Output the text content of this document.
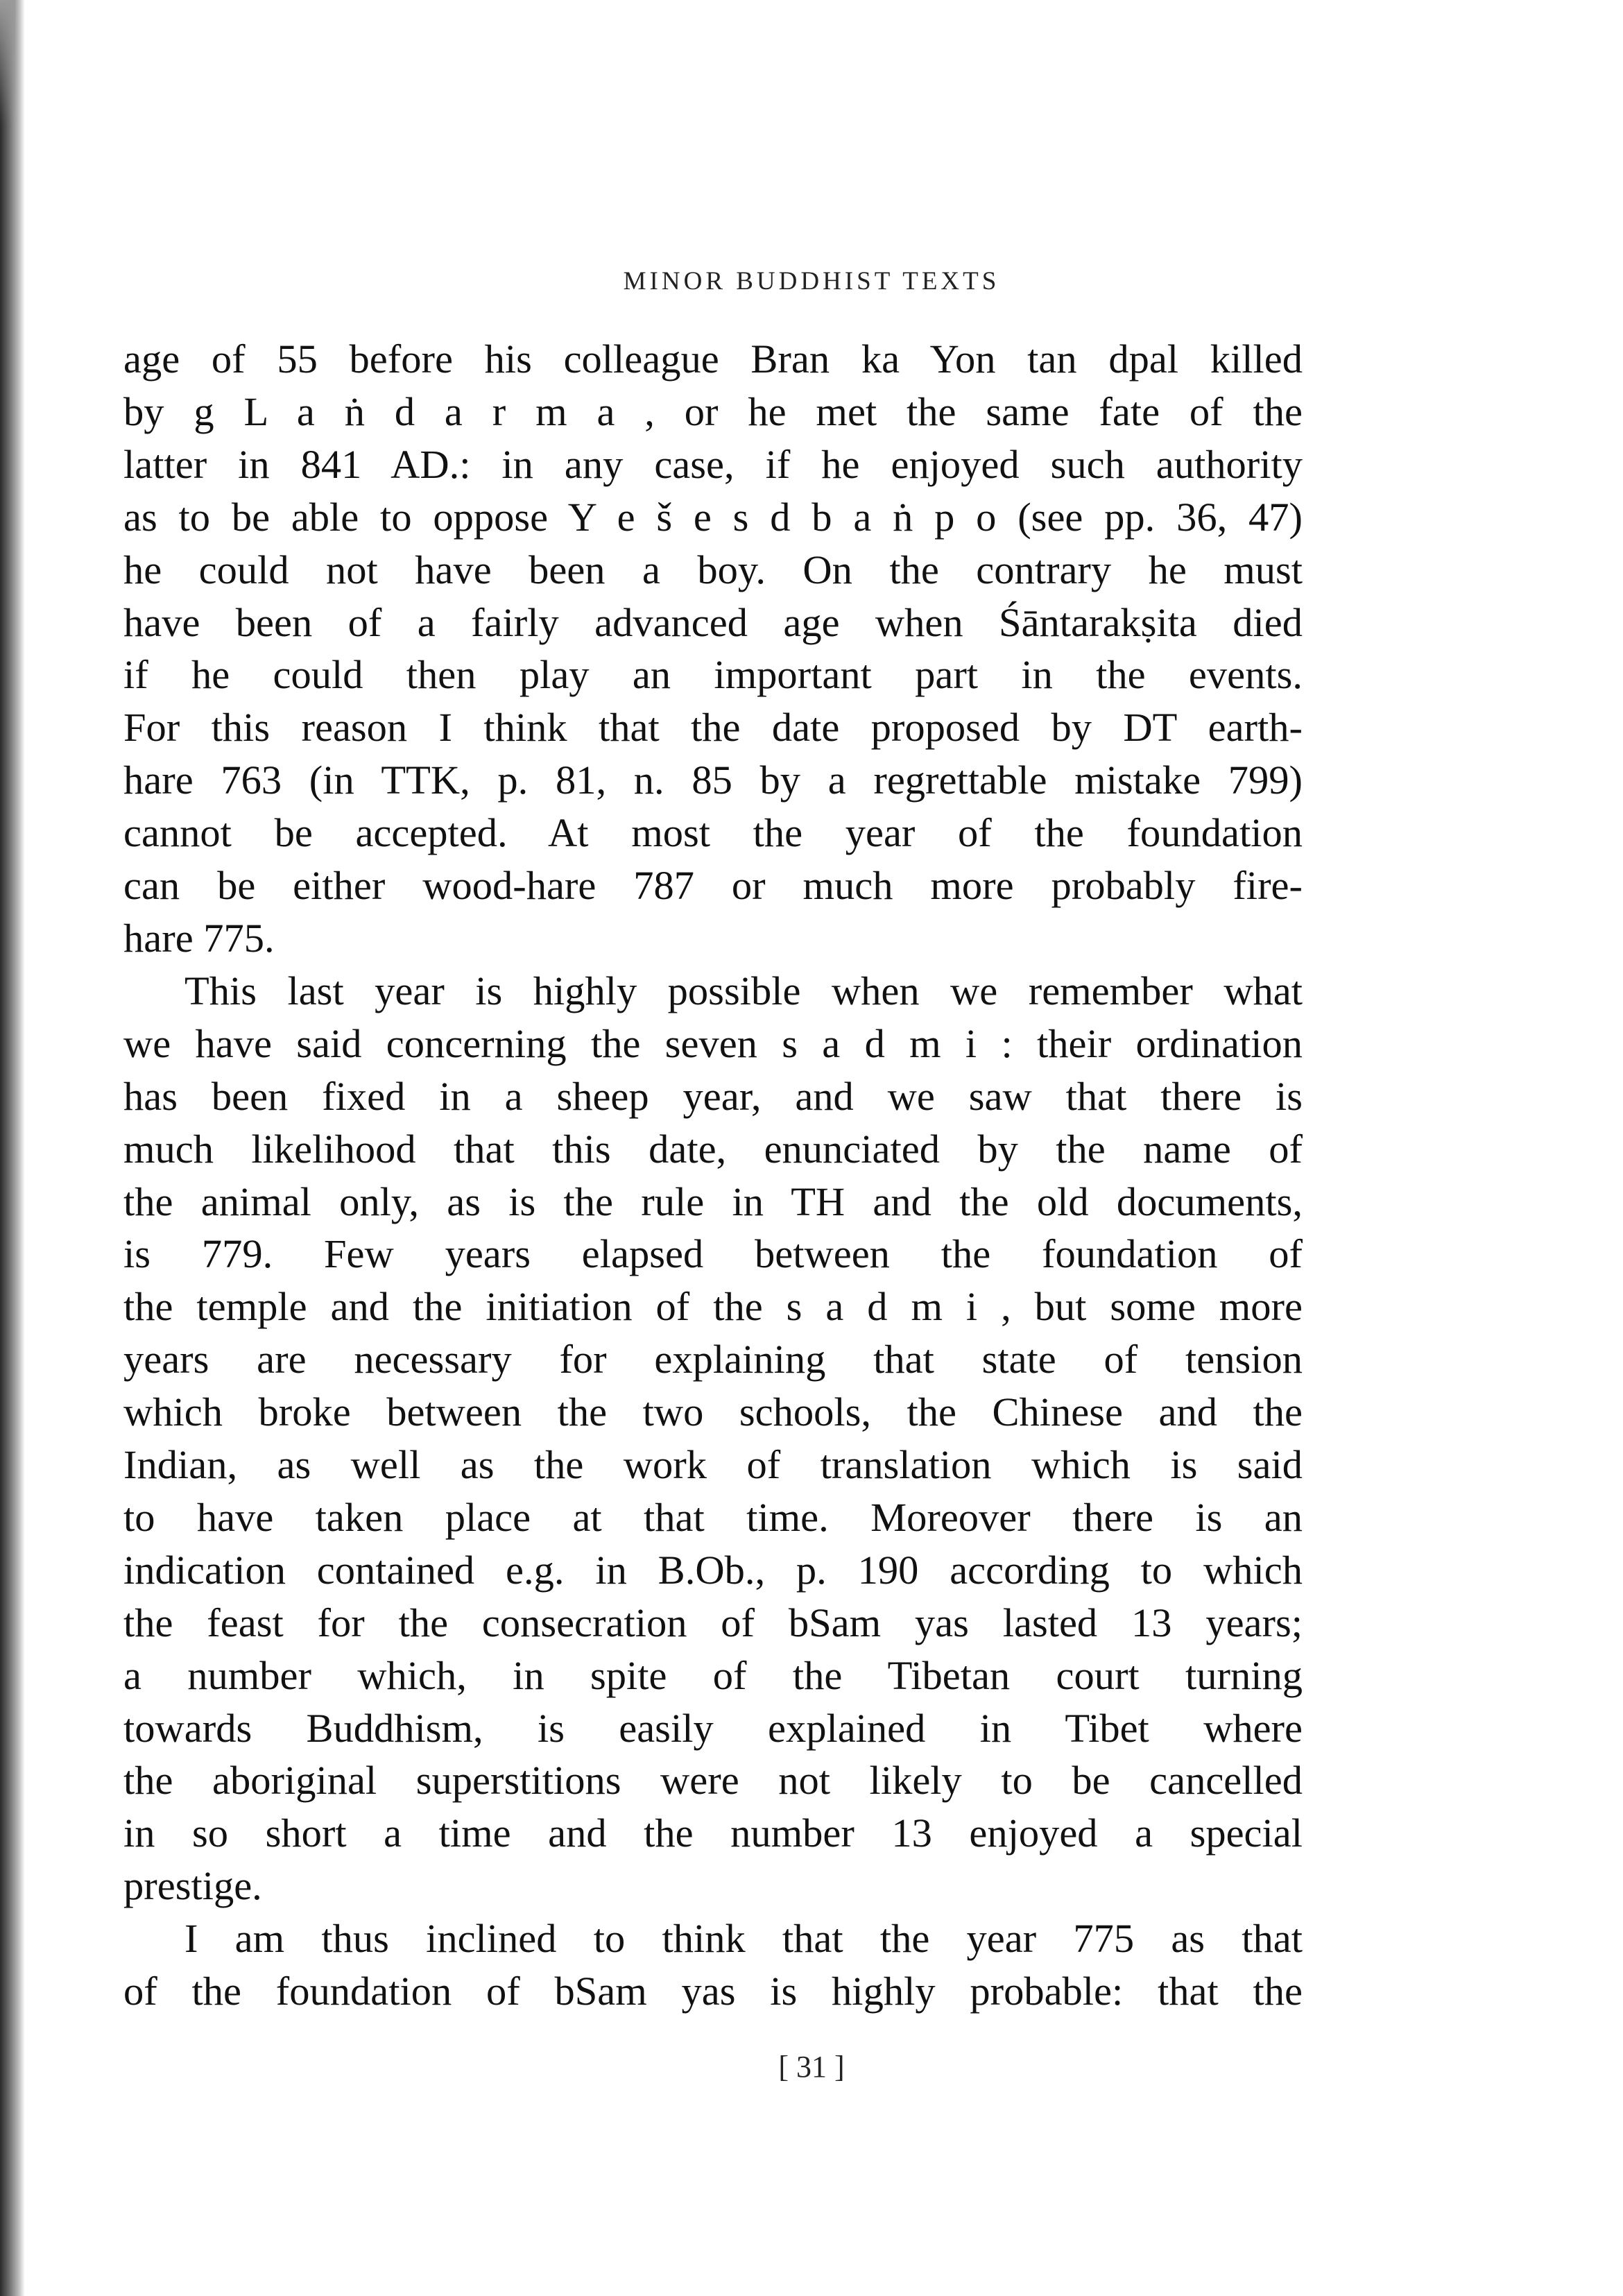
MINOR BUDDHIST TEXTS
age of 55 before his colleague Bran ka Yon tan dpal killed
by g L a ṅ d a r m a , or he met the same fate of the
latter in 841 AD.: in any case, if he enjoyed such authority
as to be able to oppose Y e š e s d b a ṅ p o (see pp. 36, 47)
he could not have been a boy. On the contrary he must
have been of a fairly advanced age when Śāntarakṣita died
if he could then play an important part in the events.
For this reason I think that the date proposed by DT earth-
hare 763 (in TTK, p. 81, n. 85 by a regrettable mistake 799)
cannot be accepted. At most the year of the foundation
can be either wood-hare 787 or much more probably fire-
hare 775.
This last year is highly possible when we remember what
we have said concerning the seven s a d m i : their ordination
has been fixed in a sheep year, and we saw that there is
much likelihood that this date, enunciated by the name of
the animal only, as is the rule in TH and the old documents,
is 779. Few years elapsed between the foundation of
the temple and the initiation of the s a d m i , but some more
years are necessary for explaining that state of tension
which broke between the two schools, the Chinese and the
Indian, as well as the work of translation which is said
to have taken place at that time. Moreover there is an
indication contained e.g. in B.Ob., p. 190 according to which
the feast for the consecration of bSam yas lasted 13 years;
a number which, in spite of the Tibetan court turning
towards Buddhism, is easily explained in Tibet where
the aboriginal superstitions were not likely to be cancelled
in so short a time and the number 13 enjoyed a special
prestige.
I am thus inclined to think that the year 775 as that
of the foundation of bSam yas is highly probable: that the
[ 31 ]
